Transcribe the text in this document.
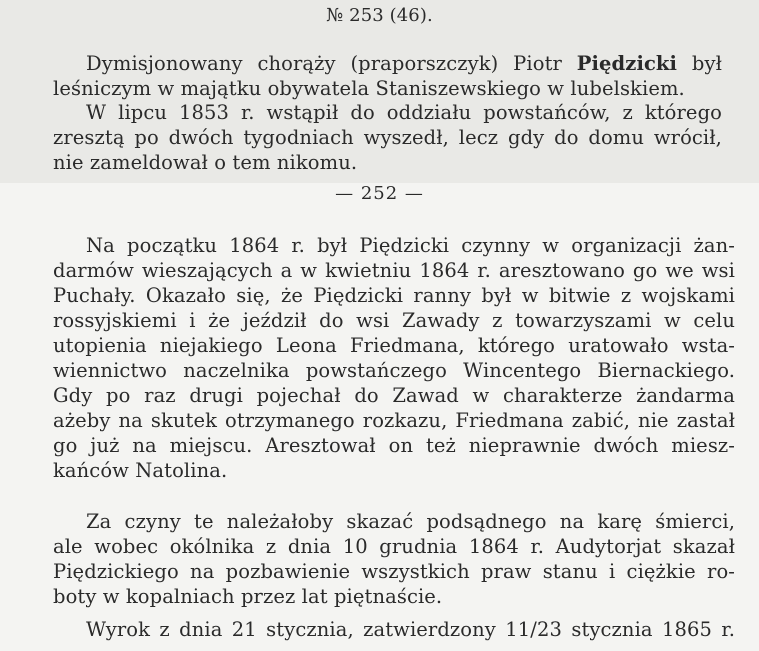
№ 253 (46).
Dymisjonowany chorąży (praporszczyk) Piotr Piędzicki był
leśniczym w majątku obywatela Staniszewskiego w lubelskiem.
W lipcu 1853 r. wstąpił do oddziału powstańców, z którego
zresztą po dwóch tygodniach wyszedł, lecz gdy do domu wrócił,
nie zameldował o tem nikomu.
— 252 —
Na początku 1864 r. był Piędzicki czynny w organizacji żan-
darmów wieszających a w kwietniu 1864 r. aresztowano go we wsi
Puchały. Okazało się, że Piędzicki ranny był w bitwie z wojskami
rossyjskiemi i że jeździł do wsi Zawady z towarzyszami w celu
utopienia niejakiego Leona Friedmana, którego uratowało wsta-
wiennictwo naczelnika powstańczego Wincentego Biernackiego.
Gdy po raz drugi pojechał do Zawad w charakterze żandarma
ażeby na skutek otrzymanego rozkazu, Friedmana zabić, nie zastał
go już na miejscu. Aresztował on też nieprawnie dwóch miesz-
kańców Natolina.
Za czyny te należałoby skazać podsądnego na karę śmierci,
ale wobec okólnika z dnia 10 grudnia 1864 r. Audytorjat skazał
Piędzickiego na pozbawienie wszystkich praw stanu i ciężkie ro-
boty w kopalniach przez lat piętnaście.
Wyrok z dnia 21 stycznia, zatwierdzony 11/23 stycznia 1865 r.
